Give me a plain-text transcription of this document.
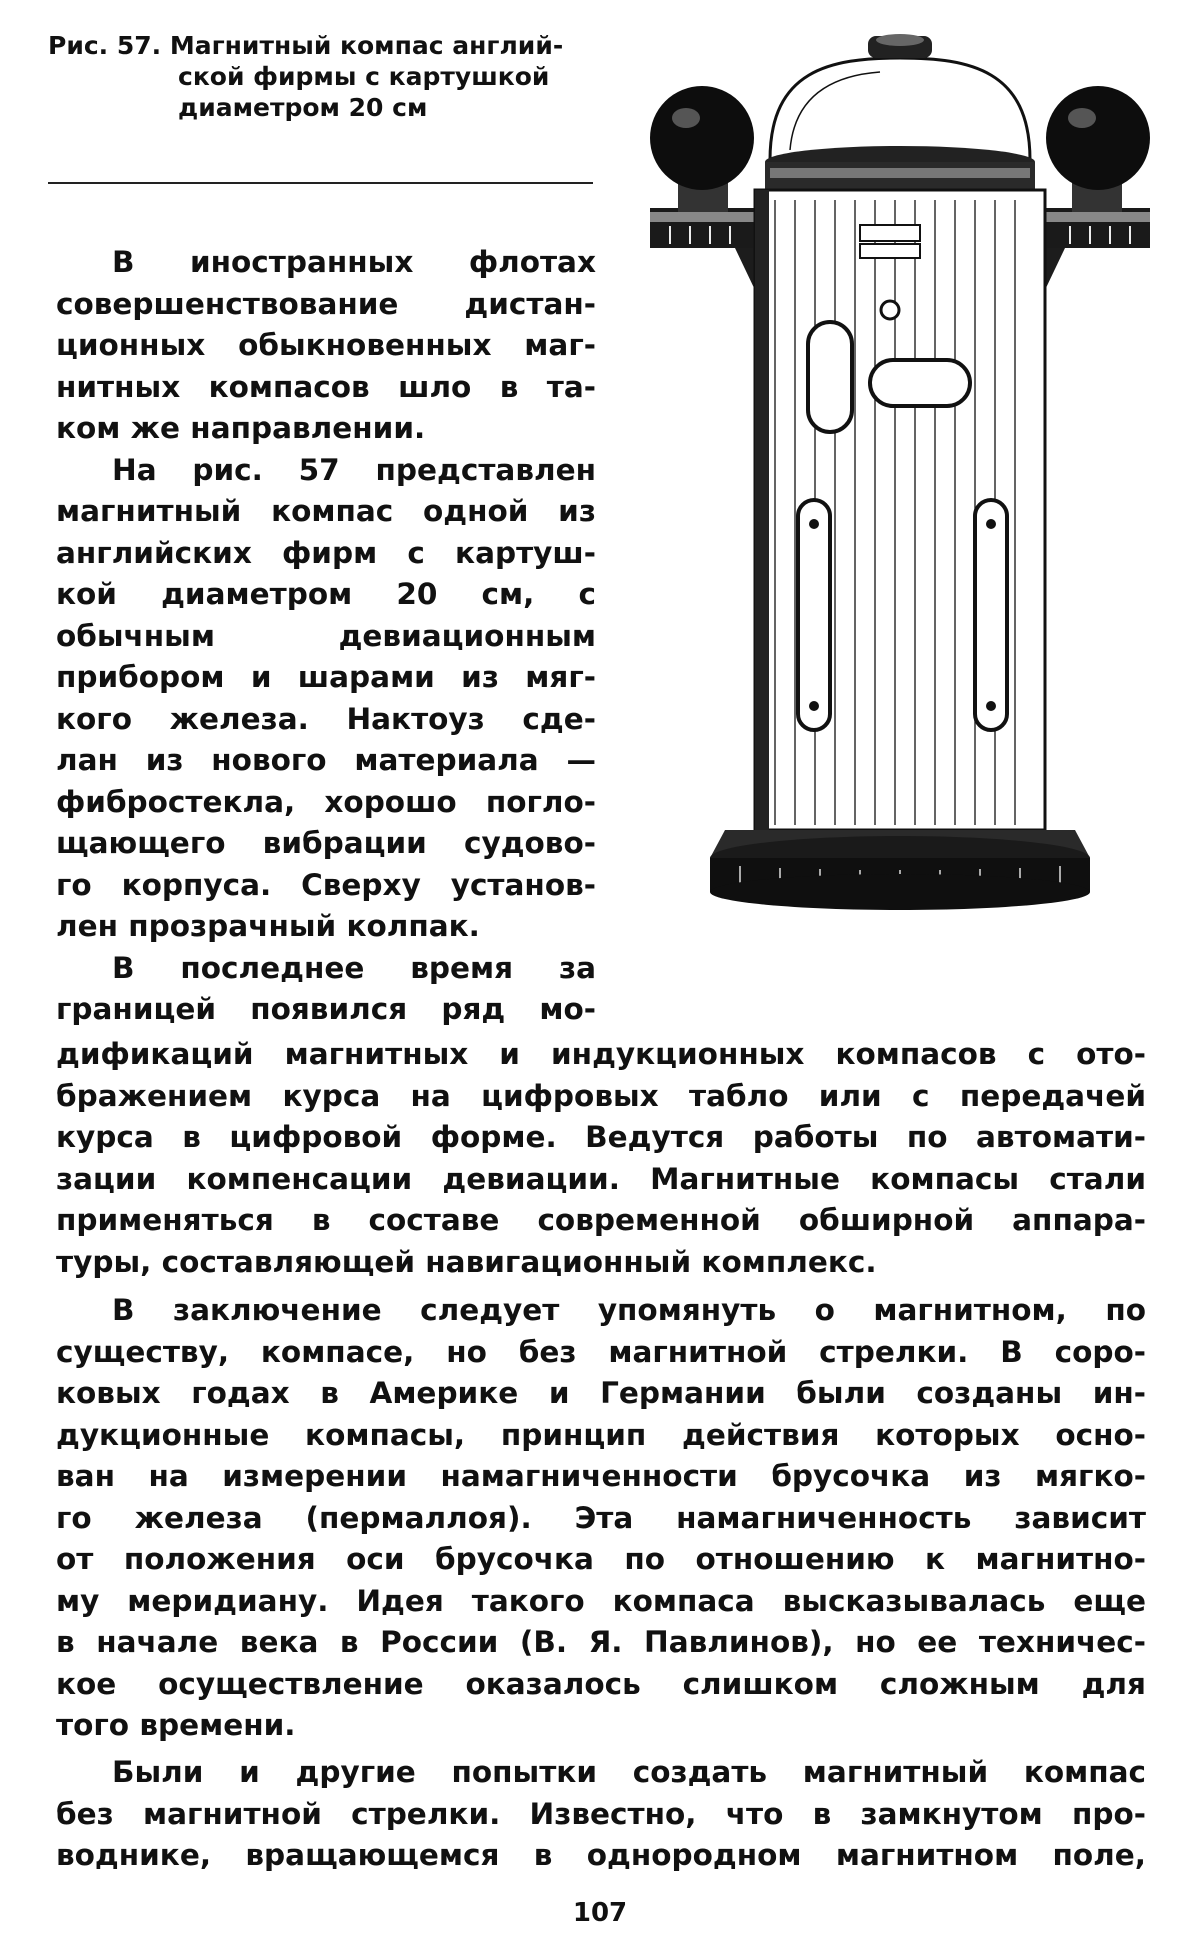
Рис. 57. Магнитный компас англий-
ской фирмы с картушкой
диаметром 20 см
В иностранных флотах
совершенствование дистан-
ционных обыкновенных маг-
нитных компасов шло в та-
ком же направлении.
На рис. 57 представлен
магнитный компас одной из
английских фирм с картуш-
кой диаметром 20 см, с
обычным девиационным
прибором и шарами из мяг-
кого железа. Нактоуз сде-
лан из нового материала —
фибростекла, хорошо погло-
щающего вибрации судово-
го корпуса. Сверху установ-
лен прозрачный колпак.
В последнее время за
границей появился ряд мо-
дификаций магнитных и индукционных компасов с ото-
бражением курса на цифровых табло или с передачей
курса в цифровой форме. Ведутся работы по автомати-
зации компенсации девиации. Магнитные компасы стали
применяться в составе современной обширной аппара-
туры, составляющей навигационный комплекс.
В заключение следует упомянуть о магнитном, по
существу, компасе, но без магнитной стрелки. В соро-
ковых годах в Америке и Германии были созданы ин-
дукционные компасы, принцип действия которых осно-
ван на измерении намагниченности брусочка из мягко-
го железа (пермаллоя). Эта намагниченность зависит
от положения оси брусочка по отношению к магнитно-
му меридиану. Идея такого компаса высказывалась еще
в начале века в России (В. Я. Павлинов), но ее техничес-
кое осуществление оказалось слишком сложным для
того времени.
Были и другие попытки создать магнитный компас
без магнитной стрелки. Известно, что в замкнутом про-
воднике, вращающемся в однородном магнитном поле,
107
